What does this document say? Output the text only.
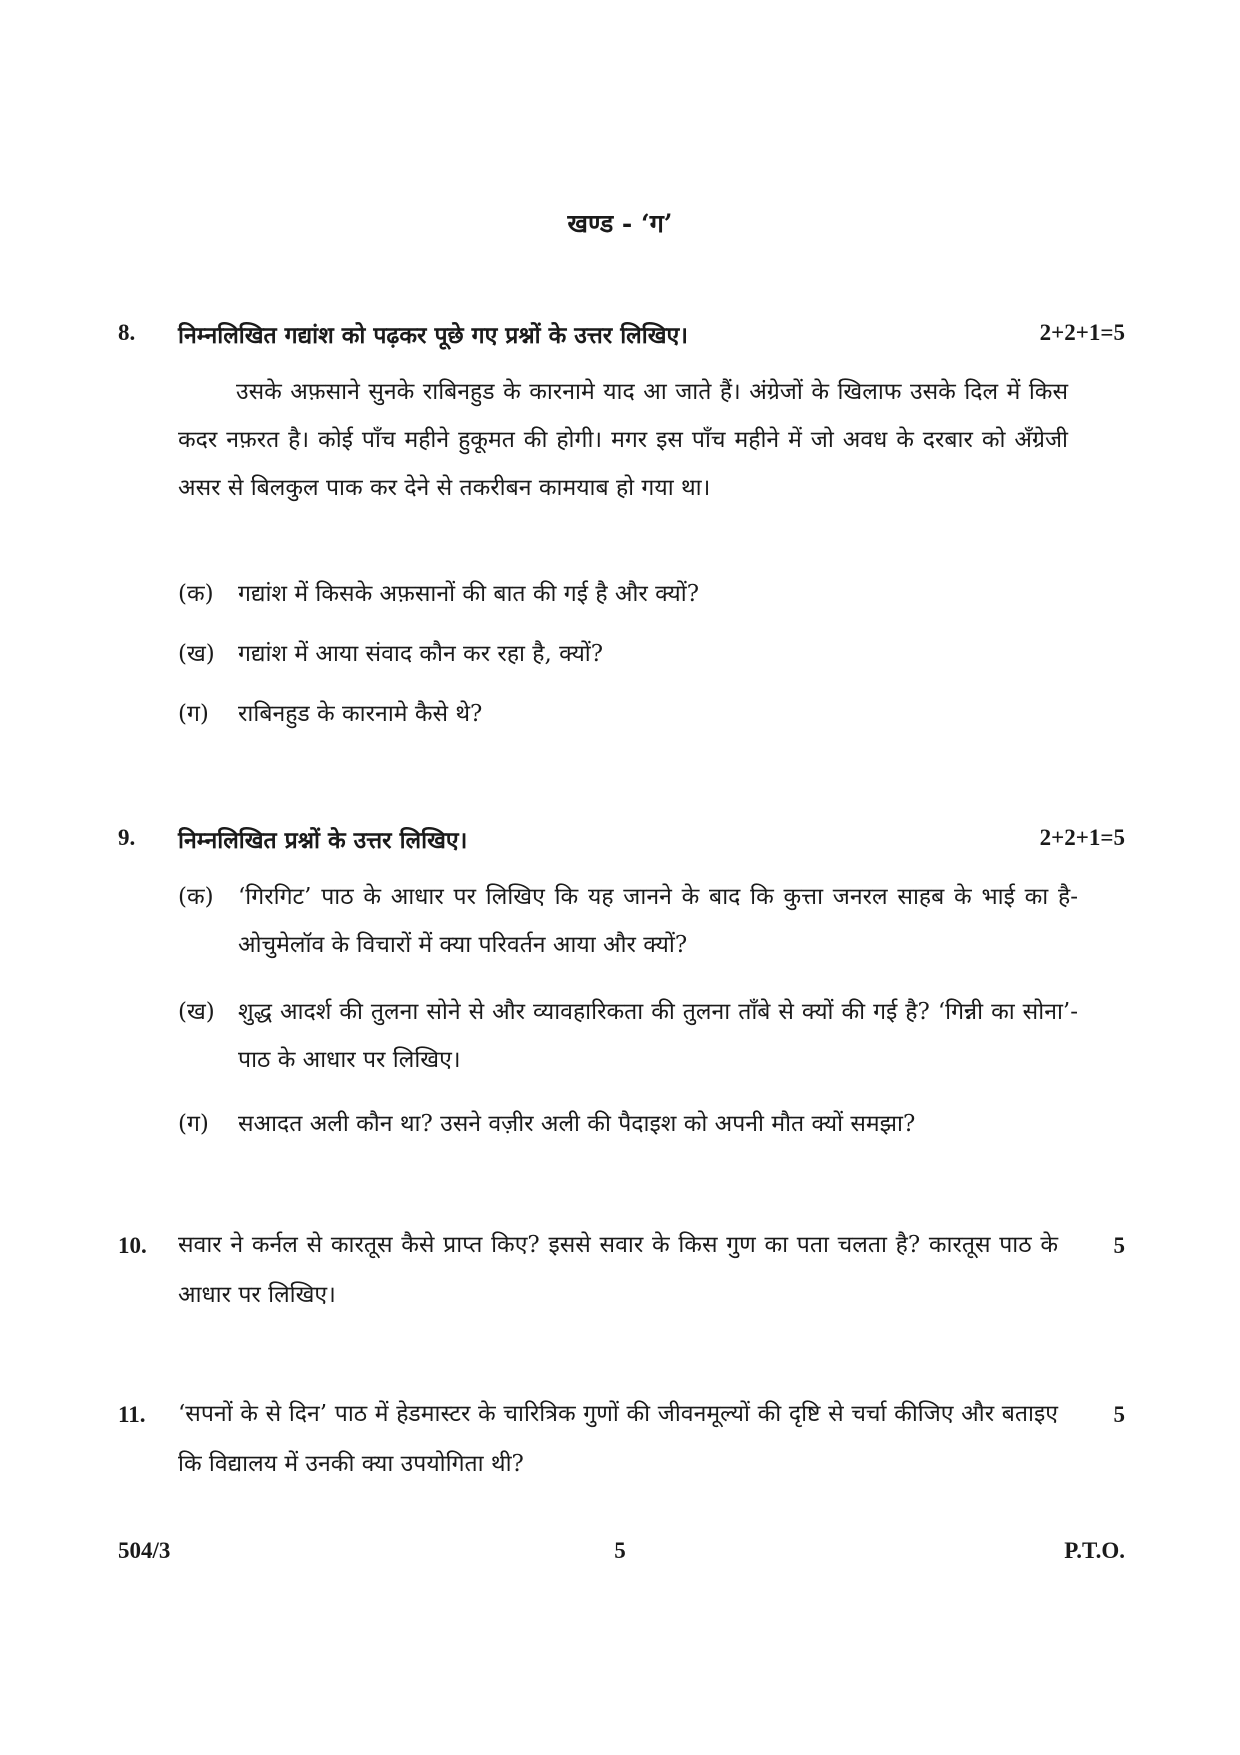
खण्ड - ‘ग’
8. निम्नलिखित गद्यांश को पढ़कर पूछे गए प्रश्नों के उत्तर लिखिए।	2+2+1=5
उसके अफ़साने सुनके राबिनहुड के कारनामे याद आ जाते हैं। अंग्रेजों के खिलाफ उसके दिल में किस कदर नफ़रत है। कोई पाँच महीने हुकूमत की होगी। मगर इस पाँच महीने में जो अवध के दरबार को अँग्रेजी असर से बिलकुल पाक कर देने से तकरीबन कामयाब हो गया था।
(क)	गद्यांश में किसके अफ़सानों की बात की गई है और क्यों?
(ख)	गद्यांश में आया संवाद कौन कर रहा है, क्यों?
(ग)	राबिनहुड के कारनामे कैसे थे?
9. निम्नलिखित प्रश्नों के उत्तर लिखिए।	2+2+1=5
(क)	‘गिरगिट’ पाठ के आधार पर लिखिए कि यह जानने के बाद कि कुत्ता जनरल साहब के भाई का है-ओचुमेलॉव के विचारों में क्या परिवर्तन आया और क्यों?
(ख)	शुद्ध आदर्श की तुलना सोने से और व्यावहारिकता की तुलना ताँबे से क्यों की गई है? ‘गिन्नी का सोना’-पाठ के आधार पर लिखिए।
(ग)	सआदत अली कौन था? उसने वज़ीर अली की पैदाइश को अपनी मौत क्यों समझा?
10. सवार ने कर्नल से कारतूस कैसे प्राप्त किए? इससे सवार के किस गुण का पता चलता है? कारतूस पाठ के आधार पर लिखिए।
5
11. ‘सपनों के से दिन’ पाठ में हेडमास्टर के चारित्रिक गुणों की जीवनमूल्यों की दृष्टि से चर्चा कीजिए और बताइए कि विद्यालय में उनकी क्या उपयोगिता थी?
5
504/3	5	P.T.O.
